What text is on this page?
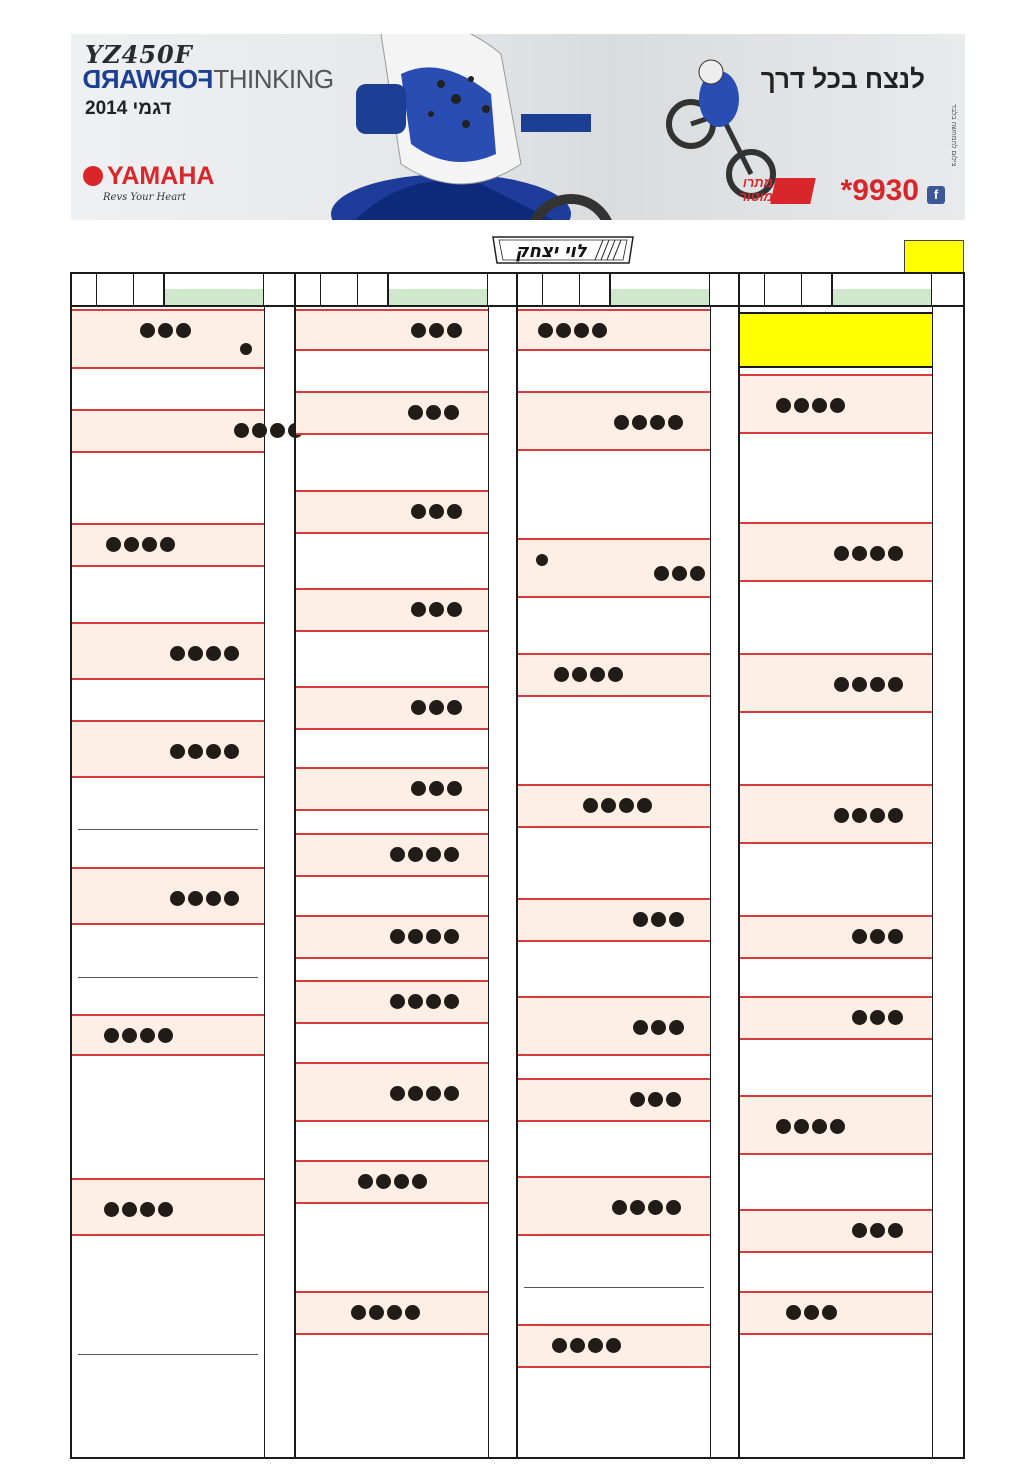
YZ450F
FORWARDTHINKING
דגמי 2014
YAMAHA
Revs Your Heart
לנצח בכל דרך
מתרו מוטור *9930	f
צילום להמחשה בלבד
לוי יצחק
